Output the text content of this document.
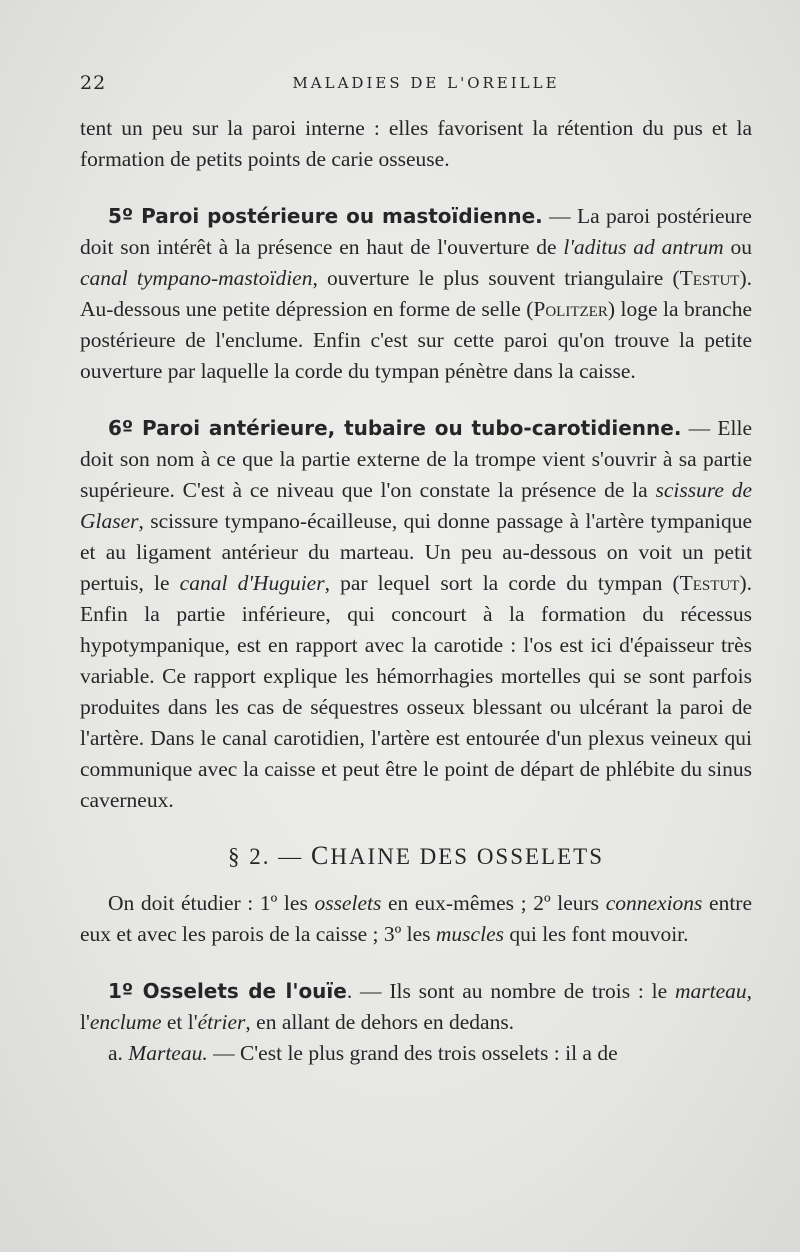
22	MALADIES DE L'OREILLE

tent un peu sur la paroi interne : elles favorisent la rétention du pus et la formation de petits points de carie osseuse.

5º Paroi postérieure ou mastoïdienne. — La paroi postérieure doit son intérêt à la présence en haut de l'ouverture de l'aditus ad antrum ou canal tympano-mastoïdien, ouverture le plus souvent triangulaire (Testut). Au-dessous une petite dépression en forme de selle (Politzer) loge la branche postérieure de l'enclume. Enfin c'est sur cette paroi qu'on trouve la petite ouverture par laquelle la corde du tympan pénètre dans la caisse.

6º Paroi antérieure, tubaire ou tubo-carotidienne. — Elle doit son nom à ce que la partie externe de la trompe vient s'ouvrir à sa partie supérieure. C'est à ce niveau que l'on constate la présence de la scissure de Glaser, scissure tympano-écailleuse, qui donne passage à l'artère tympanique et au ligament antérieur du marteau. Un peu au-dessous on voit un petit pertuis, le canal d'Huguier, par lequel sort la corde du tympan (Testut). Enfin la partie inférieure, qui concourt à la formation du récessus hypotympanique, est en rapport avec la carotide : l'os est ici d'épaisseur très variable. Ce rapport explique les hémorrhagies mortelles qui se sont parfois produites dans les cas de séquestres osseux blessant ou ulcérant la paroi de l'artère. Dans le canal carotidien, l'artère est entourée d'un plexus veineux qui communique avec la caisse et peut être le point de départ de phlébite du sinus caverneux.

§ 2. — CHAINE DES OSSELETS

On doit étudier : 1º les osselets en eux-mêmes ; 2º leurs connexions entre eux et avec les parois de la caisse ; 3º les muscles qui les font mouvoir.

1º Osselets de l'ouïe. — Ils sont au nombre de trois : le marteau, l'enclume et l'étrier, en allant de dehors en dedans.

a. Marteau. — C'est le plus grand des trois osselets : il a de
